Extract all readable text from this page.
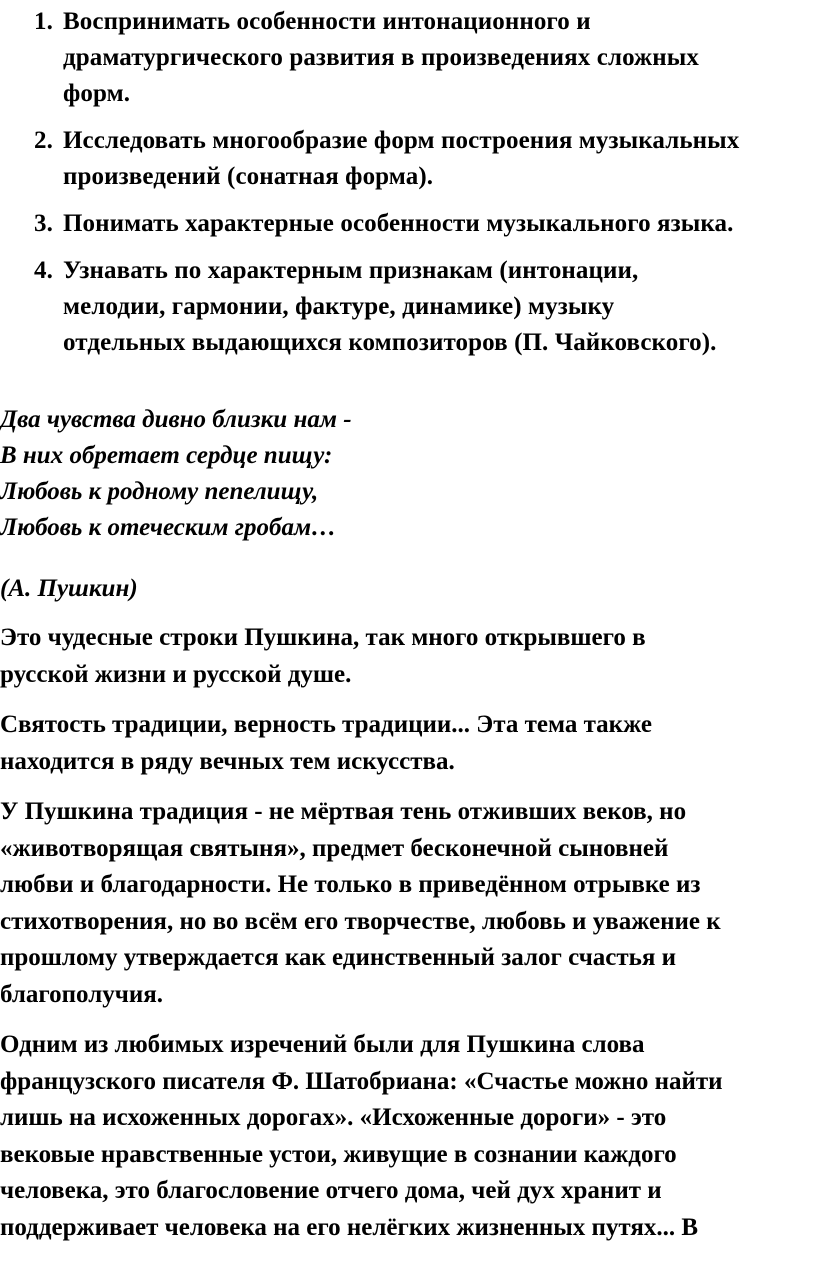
1. Воспринимать особенности интонационного и
драматургического развития в произведениях сложных
форм.
2. Исследовать многообразие форм построения музыкальных
произведений (сонатная форма).
3. Понимать характерные особенности музыкального языка.
4. Узнавать по характерным признакам (интонации,
мелодии, гармонии, фактуре, динамике) музыку
отдельных выдающихся композиторов (П. Чайковского).
Два чувства дивно близки нам -
В них обретает сердце пищу:
Любовь к родному пепелищу,
Любовь к отеческим гробам…
(А. Пушкин)

Это чудесные строки Пушкина, так много открывшего в
русской жизни и русской душе.

Святость традиции, верность традиции... Эта тема также
находится в ряду вечных тем искусства.

У Пушкина традиция - не мёртвая тень отживших веков, но
«животворящая святыня», предмет бесконечной сыновней
любви и благодарности. Не только в приведённом отрывке из
стихотворения, но во всём его творчестве, любовь и уважение к
прошлому утверждается как единственный залог счастья и
благополучия.

Одним из любимых изречений были для Пушкина слова
французского писателя Ф. Шатобриана: «Счастье можно найти
лишь на исхоженных дорогах». «Исхоженные дороги» - это
вековые нравственные устои, живущие в сознании каждого
человека, это благословение отчего дома, чей дух хранит и
поддерживает человека на его нелёгких жизненных путях... В
